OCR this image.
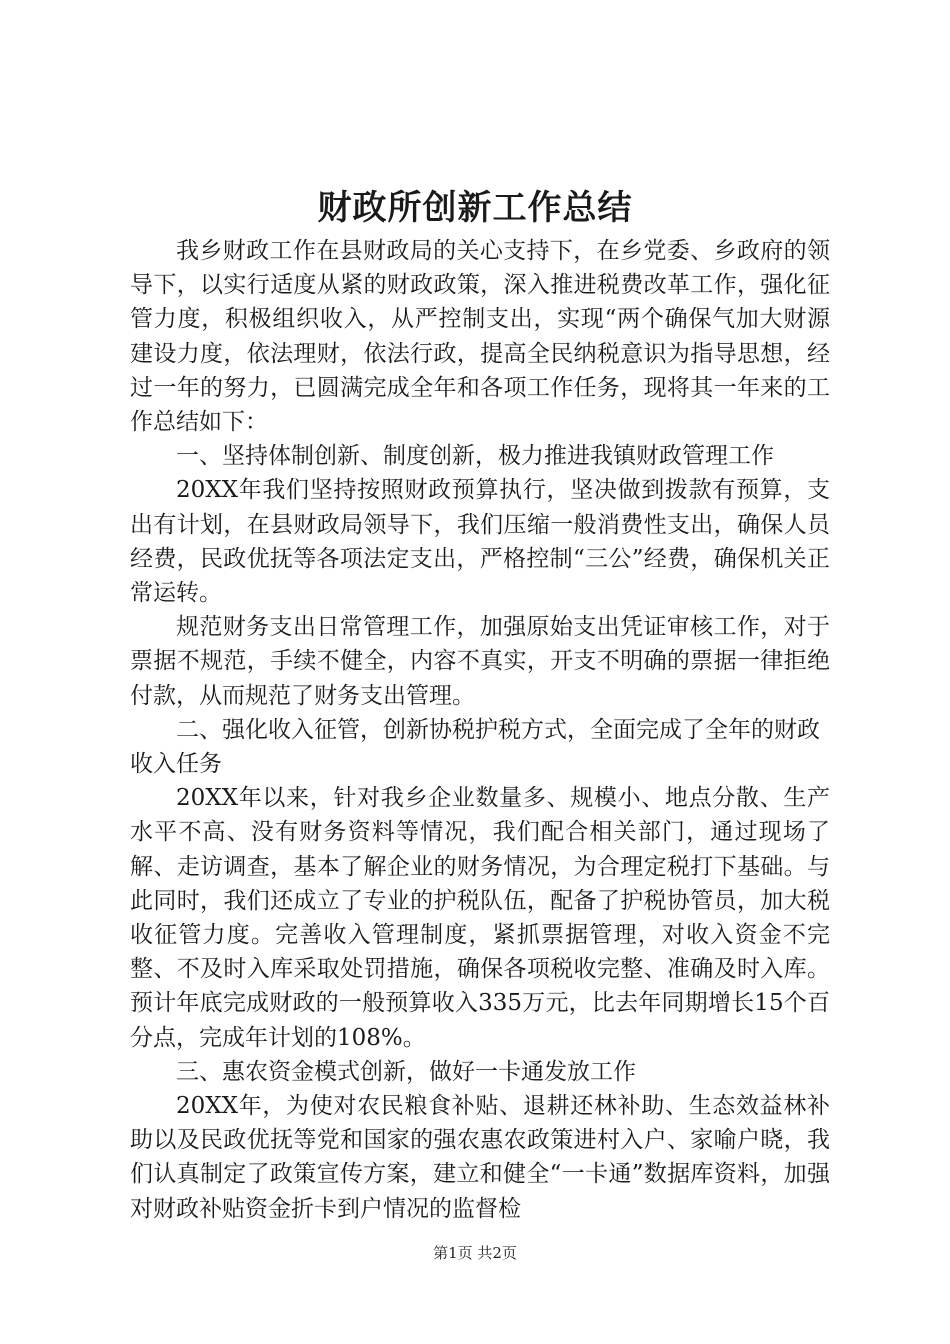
财政所创新工作总结

我乡财政工作在县财政局的关心支持下，在乡党委、乡政府的领导下，以实行适度从紧的财政政策，深入推进税费改革工作，强化征管力度，积极组织收入，从严控制支出，实现“两个确保气加大财源建设力度，依法理财，依法行政，提高全民纳税意识为指导思想，经过一年的努力，已圆满完成全年和各项工作任务，现将其一年来的工作总结如下：

一、坚持体制创新、制度创新，极力推进我镇财政管理工作

20XX年我们坚持按照财政预算执行，坚决做到拨款有预算，支出有计划，在县财政局领导下，我们压缩一般消费性支出，确保人员经费，民政优抚等各项法定支出，严格控制“三公”经费，确保机关正常运转。

规范财务支出日常管理工作，加强原始支出凭证审核工作，对于票据不规范，手续不健全，内容不真实，开支不明确的票据一律拒绝付款，从而规范了财务支出管理。

二、强化收入征管，创新协税护税方式，全面完成了全年的财政收入任务

20XX年以来，针对我乡企业数量多、规模小、地点分散、生产水平不高、没有财务资料等情况，我们配合相关部门，通过现场了解、走访调查，基本了解企业的财务情况，为合理定税打下基础。与此同时，我们还成立了专业的护税队伍，配备了护税协管员，加大税收征管力度。完善收入管理制度，紧抓票据管理，对收入资金不完整、不及时入库采取处罚措施，确保各项税收完整、准确及时入库。预计年底完成财政的一般预算收入335万元，比去年同期增长15个百分点，完成年计划的108%。

三、惠农资金模式创新，做好一卡通发放工作

20XX年，为使对农民粮食补贴、退耕还林补助、生态效益林补助以及民政优抚等党和国家的强农惠农政策进村入户、家喻户晓，我们认真制定了政策宣传方案，建立和健全“一卡通”数据库资料，加强对财政补贴资金折卡到户情况的监督检

第1页 共2页
